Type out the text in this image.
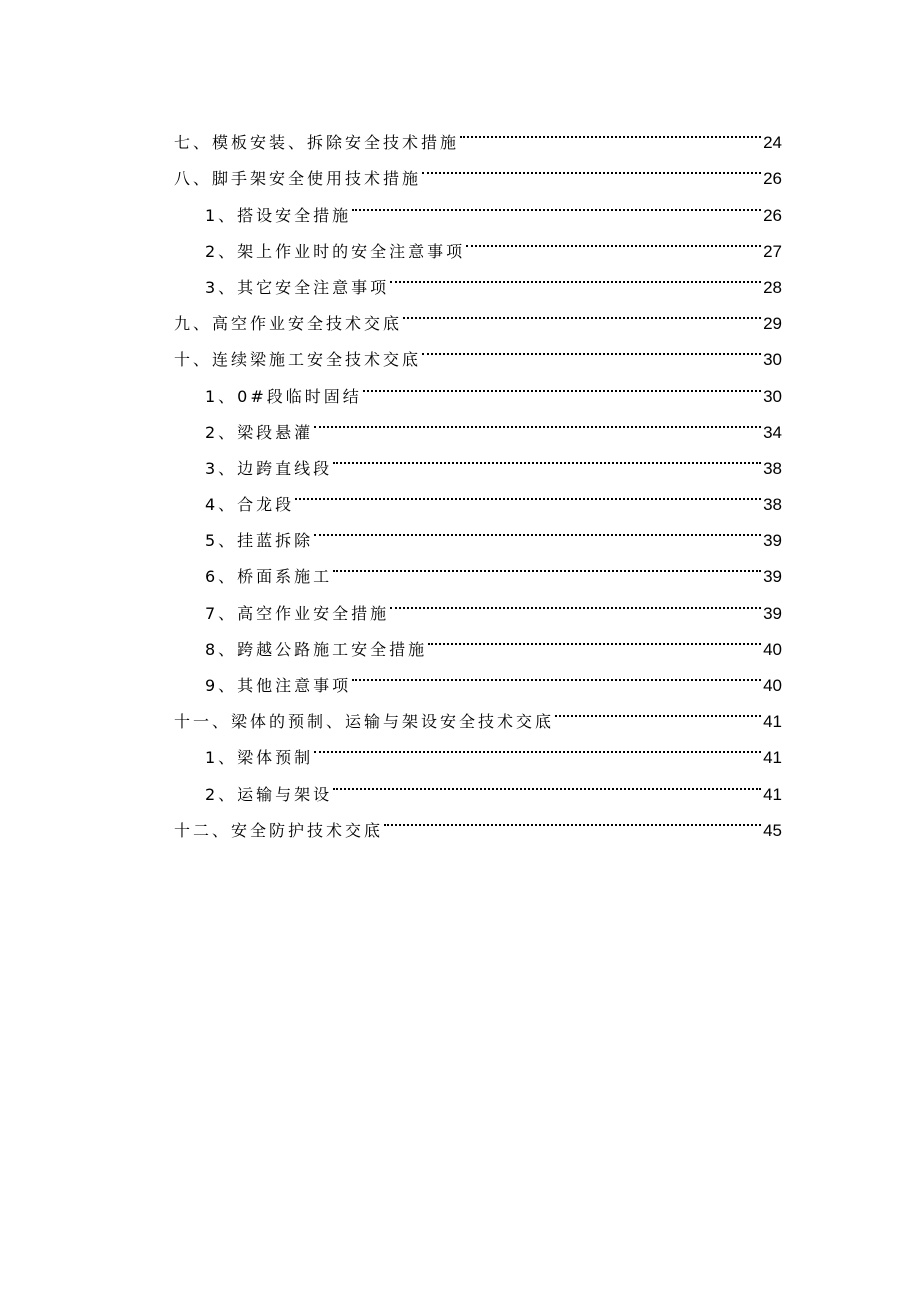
七、模板安装、拆除安全技术措施	24
八、脚手架安全使用技术措施	26
1、搭设安全措施	26
2、架上作业时的安全注意事项	27
3、其它安全注意事项	28
九、高空作业安全技术交底	29
十、连续梁施工安全技术交底	30
1、0#段临时固结	30
2、梁段悬灌	34
3、边跨直线段	38
4、合龙段	38
5、挂蓝拆除	39
6、桥面系施工	39
7、高空作业安全措施	39
8、跨越公路施工安全措施	40
9、其他注意事项	40
十一、梁体的预制、运输与架设安全技术交底	41
1、梁体预制	41
2、运输与架设	41
十二、安全防护技术交底	45
